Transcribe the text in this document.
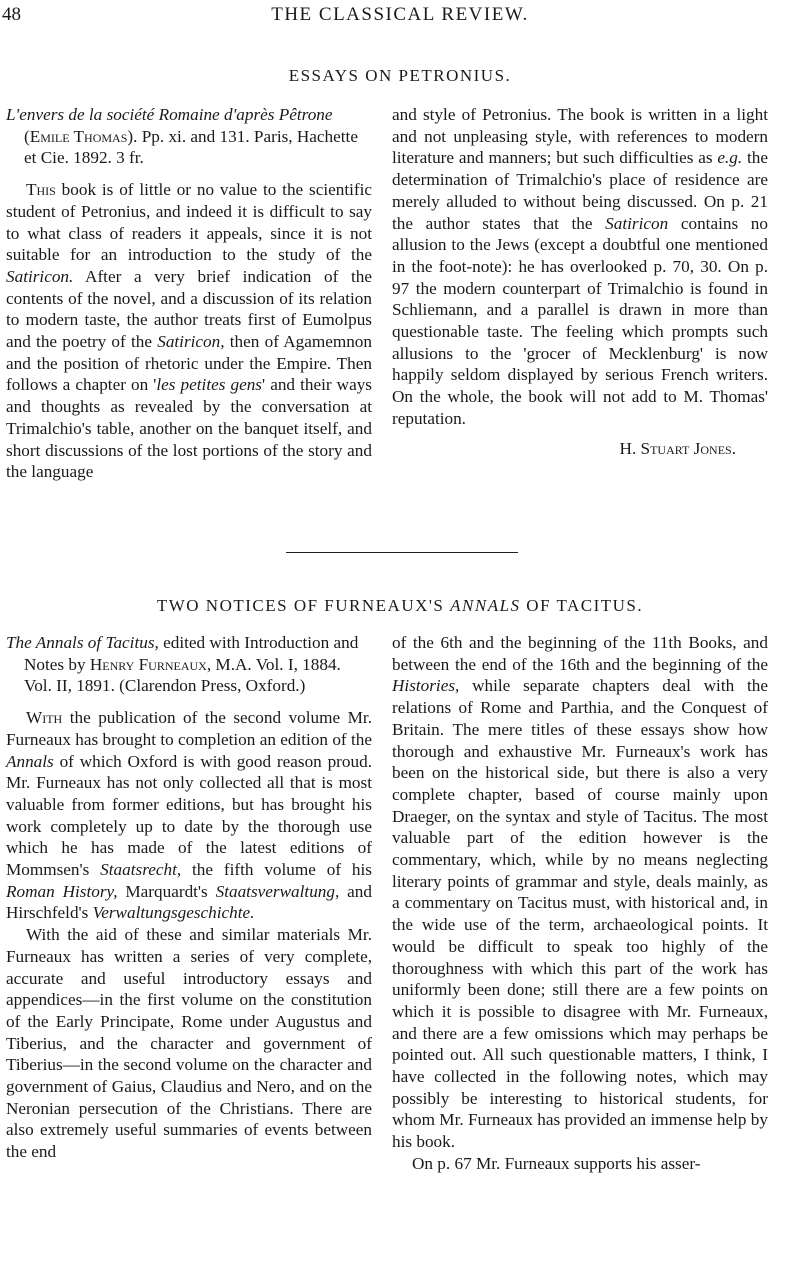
48	THE CLASSICAL REVIEW.
ESSAYS ON PETRONIUS.

L'envers de la société Romaine d'après Pêtrone (Emile Thomas). Pp. xi. and 131. Paris, Hachette et Cie. 1892. 3 fr.

This book is of little or no value to the scientific student of Petronius, and indeed it is difficult to say to what class of readers it appeals, since it is not suitable for an introduction to the study of the Satiricon. After a very brief indication of the contents of the novel, and a discussion of its relation to modern taste, the author treats first of Eumolpus and the poetry of the Satiricon, then of Agamemnon and the position of rhetoric under the Empire. Then follows a chapter on 'les petites gens' and their ways and thoughts as revealed by the conversation at Trimalchio's table, another on the banquet itself, and short discussions of the lost portions of the story and the language

and style of Petronius. The book is written in a light and not unpleasing style, with references to modern literature and manners; but such difficulties as e.g. the determination of Trimalchio's place of residence are merely alluded to without being discussed. On p. 21 the author states that the Satiricon contains no allusion to the Jews (except a doubtful one mentioned in the foot-note): he has overlooked p. 70, 30. On p. 97 the modern counterpart of Trimalchio is found in Schliemann, and a parallel is drawn in more than questionable taste. The feeling which prompts such allusions to the 'grocer of Mecklenburg' is now happily seldom displayed by serious French writers. On the whole, the book will not add to M. Thomas' reputation.

H. Stuart Jones.

TWO NOTICES OF FURNEAUX'S ANNALS OF TACITUS.

The Annals of Tacitus, edited with Introduction and Notes by Henry Furneaux, M.A. Vol. I, 1884. Vol. II, 1891. (Clarendon Press, Oxford.)

With the publication of the second volume Mr. Furneaux has brought to completion an edition of the Annals of which Oxford is with good reason proud. Mr. Furneaux has not only collected all that is most valuable from former editions, but has brought his work completely up to date by the thorough use which he has made of the latest editions of Mommsen's Staatsrecht, the fifth volume of his Roman History, Marquardt's Staatsverwaltung, and Hirschfeld's Verwaltungsgeschichte.

With the aid of these and similar materials Mr. Furneaux has written a series of very complete, accurate and useful introductory essays and appendices—in the first volume on the constitution of the Early Principate, Rome under Augustus and Tiberius, and the character and government of Tiberius—in the second volume on the character and government of Gaius, Claudius and Nero, and on the Neronian persecution of the Christians. There are also extremely useful summaries of events between the end

of the 6th and the beginning of the 11th Books, and between the end of the 16th and the beginning of the Histories, while separate chapters deal with the relations of Rome and Parthia, and the Conquest of Britain. The mere titles of these essays show how thorough and exhaustive Mr. Furneaux's work has been on the historical side, but there is also a very complete chapter, based of course mainly upon Draeger, on the syntax and style of Tacitus. The most valuable part of the edition however is the commentary, which, while by no means neglecting literary points of grammar and style, deals mainly, as a commentary on Tacitus must, with historical and, in the wide use of the term, archaeological points. It would be difficult to speak too highly of the thoroughness with which this part of the work has uniformly been done; still there are a few points on which it is possible to disagree with Mr. Furneaux, and there are a few omissions which may perhaps be pointed out. All such questionable matters, I think, I have collected in the following notes, which may possibly be interesting to historical students, for whom Mr. Furneaux has provided an immense help by his book.

On p. 67 Mr. Furneaux supports his asser-
